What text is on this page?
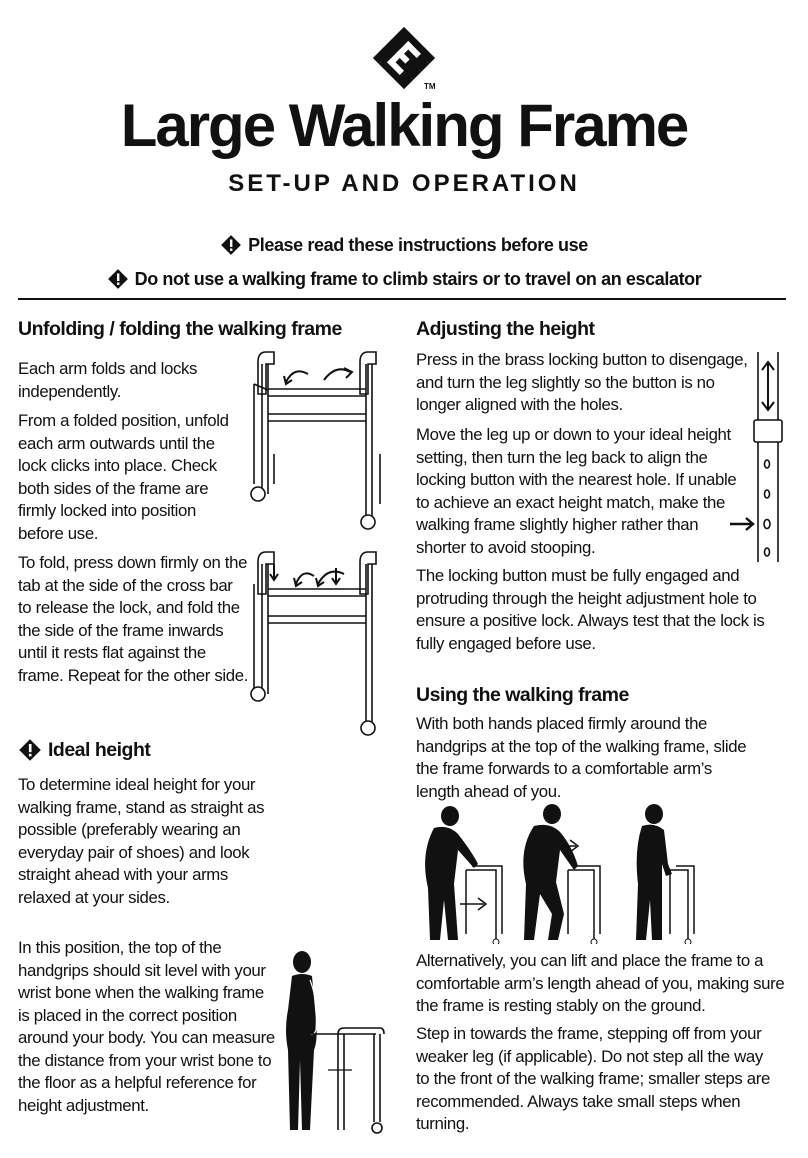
TM
Large Walking Frame
SET-UP AND OPERATION
Please read these instructions before use
Do not use a walking frame to climb stairs or to travel on an escalator
Unfolding / folding the walking frame

Each arm folds and locks independently.

From a folded position, unfold each arm outwards until the lock clicks into place. Check both sides of the frame are firmly locked into position before use.

To fold, press down firmly on the tab at the side of the cross bar to release the lock, and fold the the side of the frame inwards until it rests flat against the frame. Repeat for the other side.

Ideal height

To determine ideal height for your walking frame, stand as straight as possible (preferably wearing an everyday pair of shoes) and look straight ahead with your arms relaxed at your sides.

In this position, the top of the handgrips should sit level with your wrist bone when the walking frame is placed in the correct position around your body. You can measure the distance from your wrist bone to the floor as a helpful reference for height adjustment.

Adjusting the height

Press in the brass locking button to disengage, and turn the leg slightly so the button is no longer aligned with the holes.

Move the leg up or down to your ideal height setting, then turn the leg back to align the locking button with the nearest hole. If unable to achieve an exact height match, make the walking frame slightly higher rather than shorter to avoid stooping.

The locking button must be fully engaged and protruding through the height adjustment hole to ensure a positive lock. Always test that the lock is fully engaged before use.

Using the walking frame

With both hands placed firmly around the handgrips at the top of the walking frame, slide the frame forwards to a comfortable arm’s length ahead of you.

Alternatively, you can lift and place the frame to a comfortable arm’s length ahead of you, making sure the frame is resting stably on the ground.

Step in towards the frame, stepping off from your weaker leg (if applicable). Do not step all the way to the front of the walking frame; smaller steps are recommended. Always take small steps when turning.
